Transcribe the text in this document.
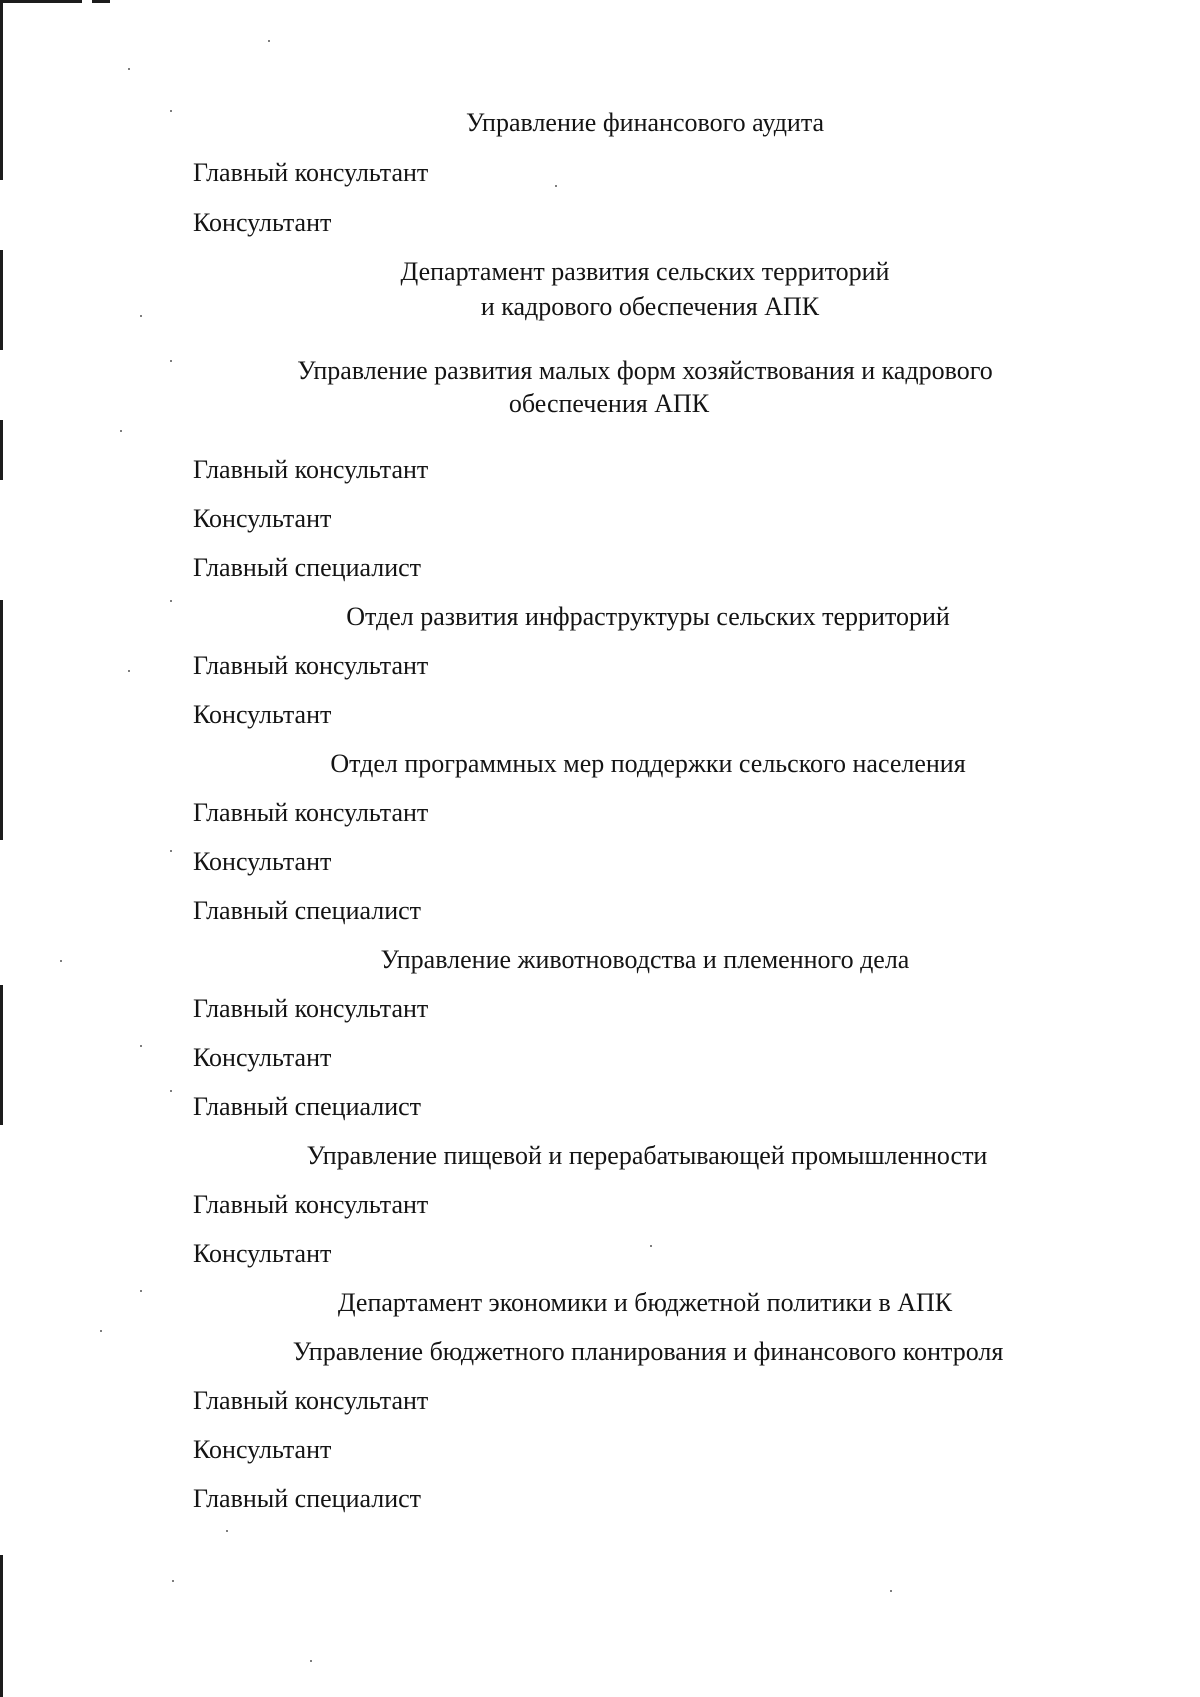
Управление финансового аудита
Главный консультант
Консультант
Департамент развития сельских территорий
и кадрового обеспечения АПК
Управление развития малых форм хозяйствования и кадрового
обеспечения АПК
Главный консультант
Консультант
Главный специалист
Отдел развития инфраструктуры сельских территорий
Главный консультант
Консультант
Отдел программных мер поддержки сельского населения
Главный консультант
Консультант
Главный специалист
Управление животноводства и племенного дела
Главный консультант
Консультант
Главный специалист
Управление пищевой и перерабатывающей промышленности
Главный консультант
Консультант
Департамент экономики и бюджетной политики в АПК
Управление бюджетного планирования и финансового контроля
Главный консультант
Консультант
Главный специалист
